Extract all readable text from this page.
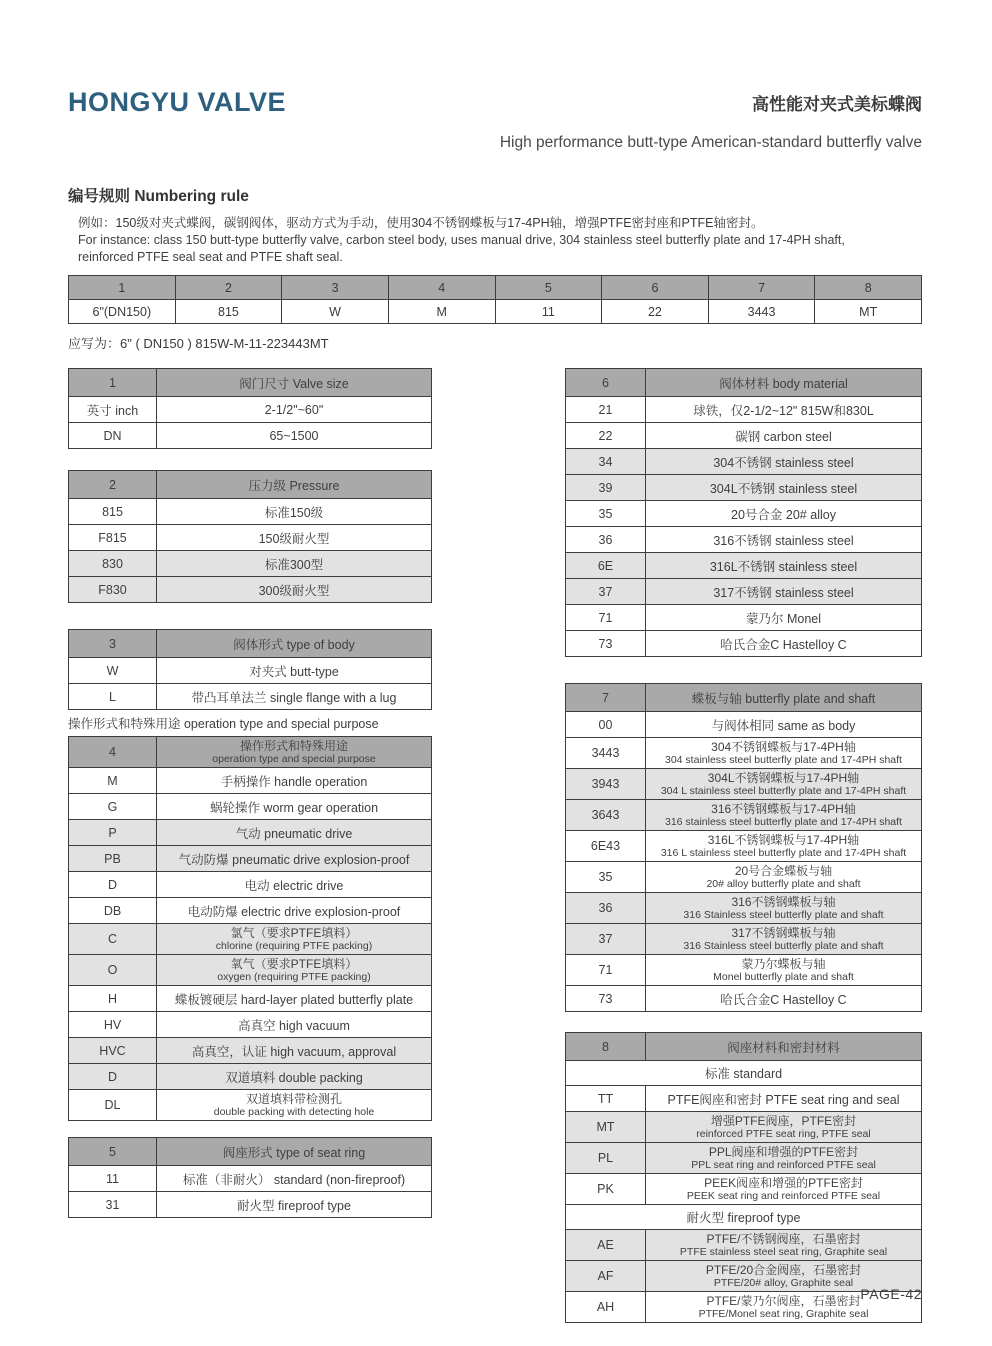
HONGYU VALVE	高性能对夹式美标蝶阀
High performance butt-type American-standard butterfly valve
编号规则 Numbering rule
例如：150级对夹式蝶阀，碳钢阀体，驱动方式为手动，使用304不锈钢蝶板与17-4PH轴，增强PTFE密封座和PTFE轴密封。
For instance: class 150 butt-type butterfly valve, carbon steel body, uses manual drive, 304 stainless steel butterfly plate and 17-4PH shaft,
reinforced PTFE seal seat and PTFE shaft seal.
1	2	3	4	5	6	7	8
6"(DN150)	815	W	M	11	22	3443	MT
应写为：6" ( DN150 ) 815W-M-11-223443MT
1	阀门尺寸 Valve size
英寸 inch	2-1/2"~60"
DN	65~1500
2	压力级 Pressure
815	标准150级
F815	150级耐火型
830	标准300型
F830	300级耐火型
3	阀体形式 type of body
W	对夹式 butt-type
L	带凸耳单法兰 single flange with a lug

操作形式和特殊用途 operation type and special purpose

4	操作形式和特殊用途
operation type and special purpose
M	手柄操作 handle operation
G	蜗轮操作 worm gear operation
P	气动 pneumatic drive
PB	气动防爆 pneumatic drive explosion-proof
D	电动 electric drive
DB	电动防爆 electric drive explosion-proof
C	氯气（要求PTFE填料）
chlorine (requiring PTFE packing)
O	氧气（要求PTFE填料）
oxygen (requiring PTFE packing)
H	蝶板镀硬层 hard-layer plated butterfly plate
HV	高真空 high vacuum
HVC	高真空，认证 high vacuum, approval
D	双道填料 double packing
DL	双道填料带检测孔
double packing with detecting hole
5	阀座形式 type of seat ring
11	标准（非耐火） standard (non-fireproof)
31	耐火型 fireproof type
6	阀体材料 body material
21	球铁，仅2-1/2~12" 815W和830L
22	碳钢 carbon steel
34	304不锈钢 stainless steel
39	304L不锈钢 stainless steel
35	20号合金 20# alloy
36	316不锈钢 stainless steel
6E	316L不锈钢 stainless steel
37	317不锈钢 stainless steel
71	蒙乃尔 Monel
73	哈氏合金C Hastelloy C
7	蝶板与轴 butterfly plate and shaft
00	与阀体相同 same as body
3443	304不锈钢蝶板与17-4PH轴
304 stainless steel butterfly plate and 17-4PH shaft
3943	304L不锈钢蝶板与17-4PH轴
304 L stainless steel butterfly plate and 17-4PH shaft
3643	316不锈钢蝶板与17-4PH轴
316 stainless steel butterfly plate and 17-4PH shaft
6E43	316L不锈钢蝶板与17-4PH轴
316 L stainless steel butterfly plate and 17-4PH shaft
35	20号合金蝶板与轴
20# alloy butterfly plate and shaft
36	316不锈钢蝶板与轴
316 Stainless steel butterfly plate and shaft
37	317不锈钢蝶板与轴
316 Stainless steel butterfly plate and shaft
71	蒙乃尔蝶板与轴
Monel butterfly plate and shaft
73	哈氏合金C Hastelloy C
8	阀座材料和密封材料
标准 standard
TT	PTFE阀座和密封 PTFE seat ring and seal
MT	增强PTFE阀座，PTFE密封
reinforced PTFE seat ring, PTFE seal
PL	PPL阀座和增强的PTFE密封
PPL seat ring and reinforced PTFE seal
PK	PEEK阀座和增强的PTFE密封
PEEK seat ring and reinforced PTFE seal
耐火型 fireproof type
AE	PTFE/不锈钢阀座，石墨密封
PTFE stainless steel seat ring, Graphite seal
AF	PTFE/20合金阀座，石墨密封
PTFE/20# alloy, Graphite seal
AH	PTFE/蒙乃尔阀座，石墨密封
PTFE/Monel seat ring, Graphite seal
PAGE-42
